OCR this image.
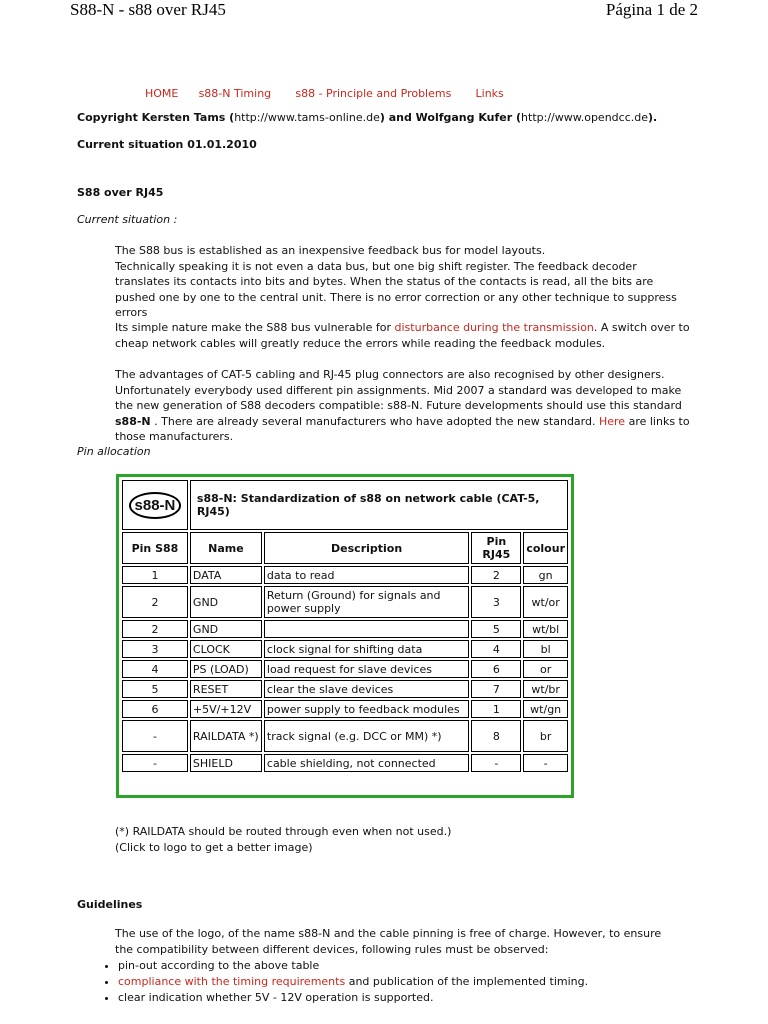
S88-N - s88 over RJ45	Página 1 de 2
HOME s88-N Timing s88 - Principle and Problems Links
Copyright Kersten Tams (http://www.tams-online.de) and Wolfgang Kufer (http://www.opendcc.de).
Current situation 01.01.2010
S88 over RJ45
Current situation :
The S88 bus is established as an inexpensive feedback bus for model layouts.
Technically speaking it is not even a data bus, but one big shift register. The feedback decoder translates its contacts into bits and bytes. When the status of the contacts is read, all the bits are pushed one by one to the central unit. There is no error correction or any other technique to suppress errors
Its simple nature make the S88 bus vulnerable for disturbance during the transmission. A switch over to cheap network cables will greatly reduce the errors while reading the feedback modules.
The advantages of CAT-5 cabling and RJ-45 plug connectors are also recognised by other designers. Unfortunately everybody used different pin assignments. Mid 2007 a standard was developed to make the new generation of S88 decoders compatible: s88-N. Future developments should use this standard s88-N . There are already several manufacturers who have adopted the new standard. Here are links to those manufacturers.
Pin allocation
s88-N	s88-N: Standardization of s88 on network cable (CAT-5, RJ45)			
Pin S88	Name	Description	Pin RJ45	colour
1	DATA	data to read	2	gn
2	GND	Return (Ground) for signals and power supply	3	wt/or
2	GND		5	wt/bl
3	CLOCK	clock signal for shifting data	4	bl
4	PS (LOAD)	load request for slave devices	6	or
5	RESET	clear the slave devices	7	wt/br
6	+5V/+12V	power supply to feedback modules	1	wt/gn
-	RAILDATA *)	track signal (e.g. DCC or MM) *)	8	br
-	SHIELD	cable shielding, not connected	-	-
(*) RAILDATA should be routed through even when not used.)
(Click to logo to get a better image)
Guidelines
The use of the logo, of the name s88-N and the cable pinning is free of charge. However, to ensure the compatibility between different devices, following rules must be observed:
• pin-out according to the above table
• compliance with the timing requirements and publication of the implemented timing.
• clear indication whether 5V - 12V operation is supported.
